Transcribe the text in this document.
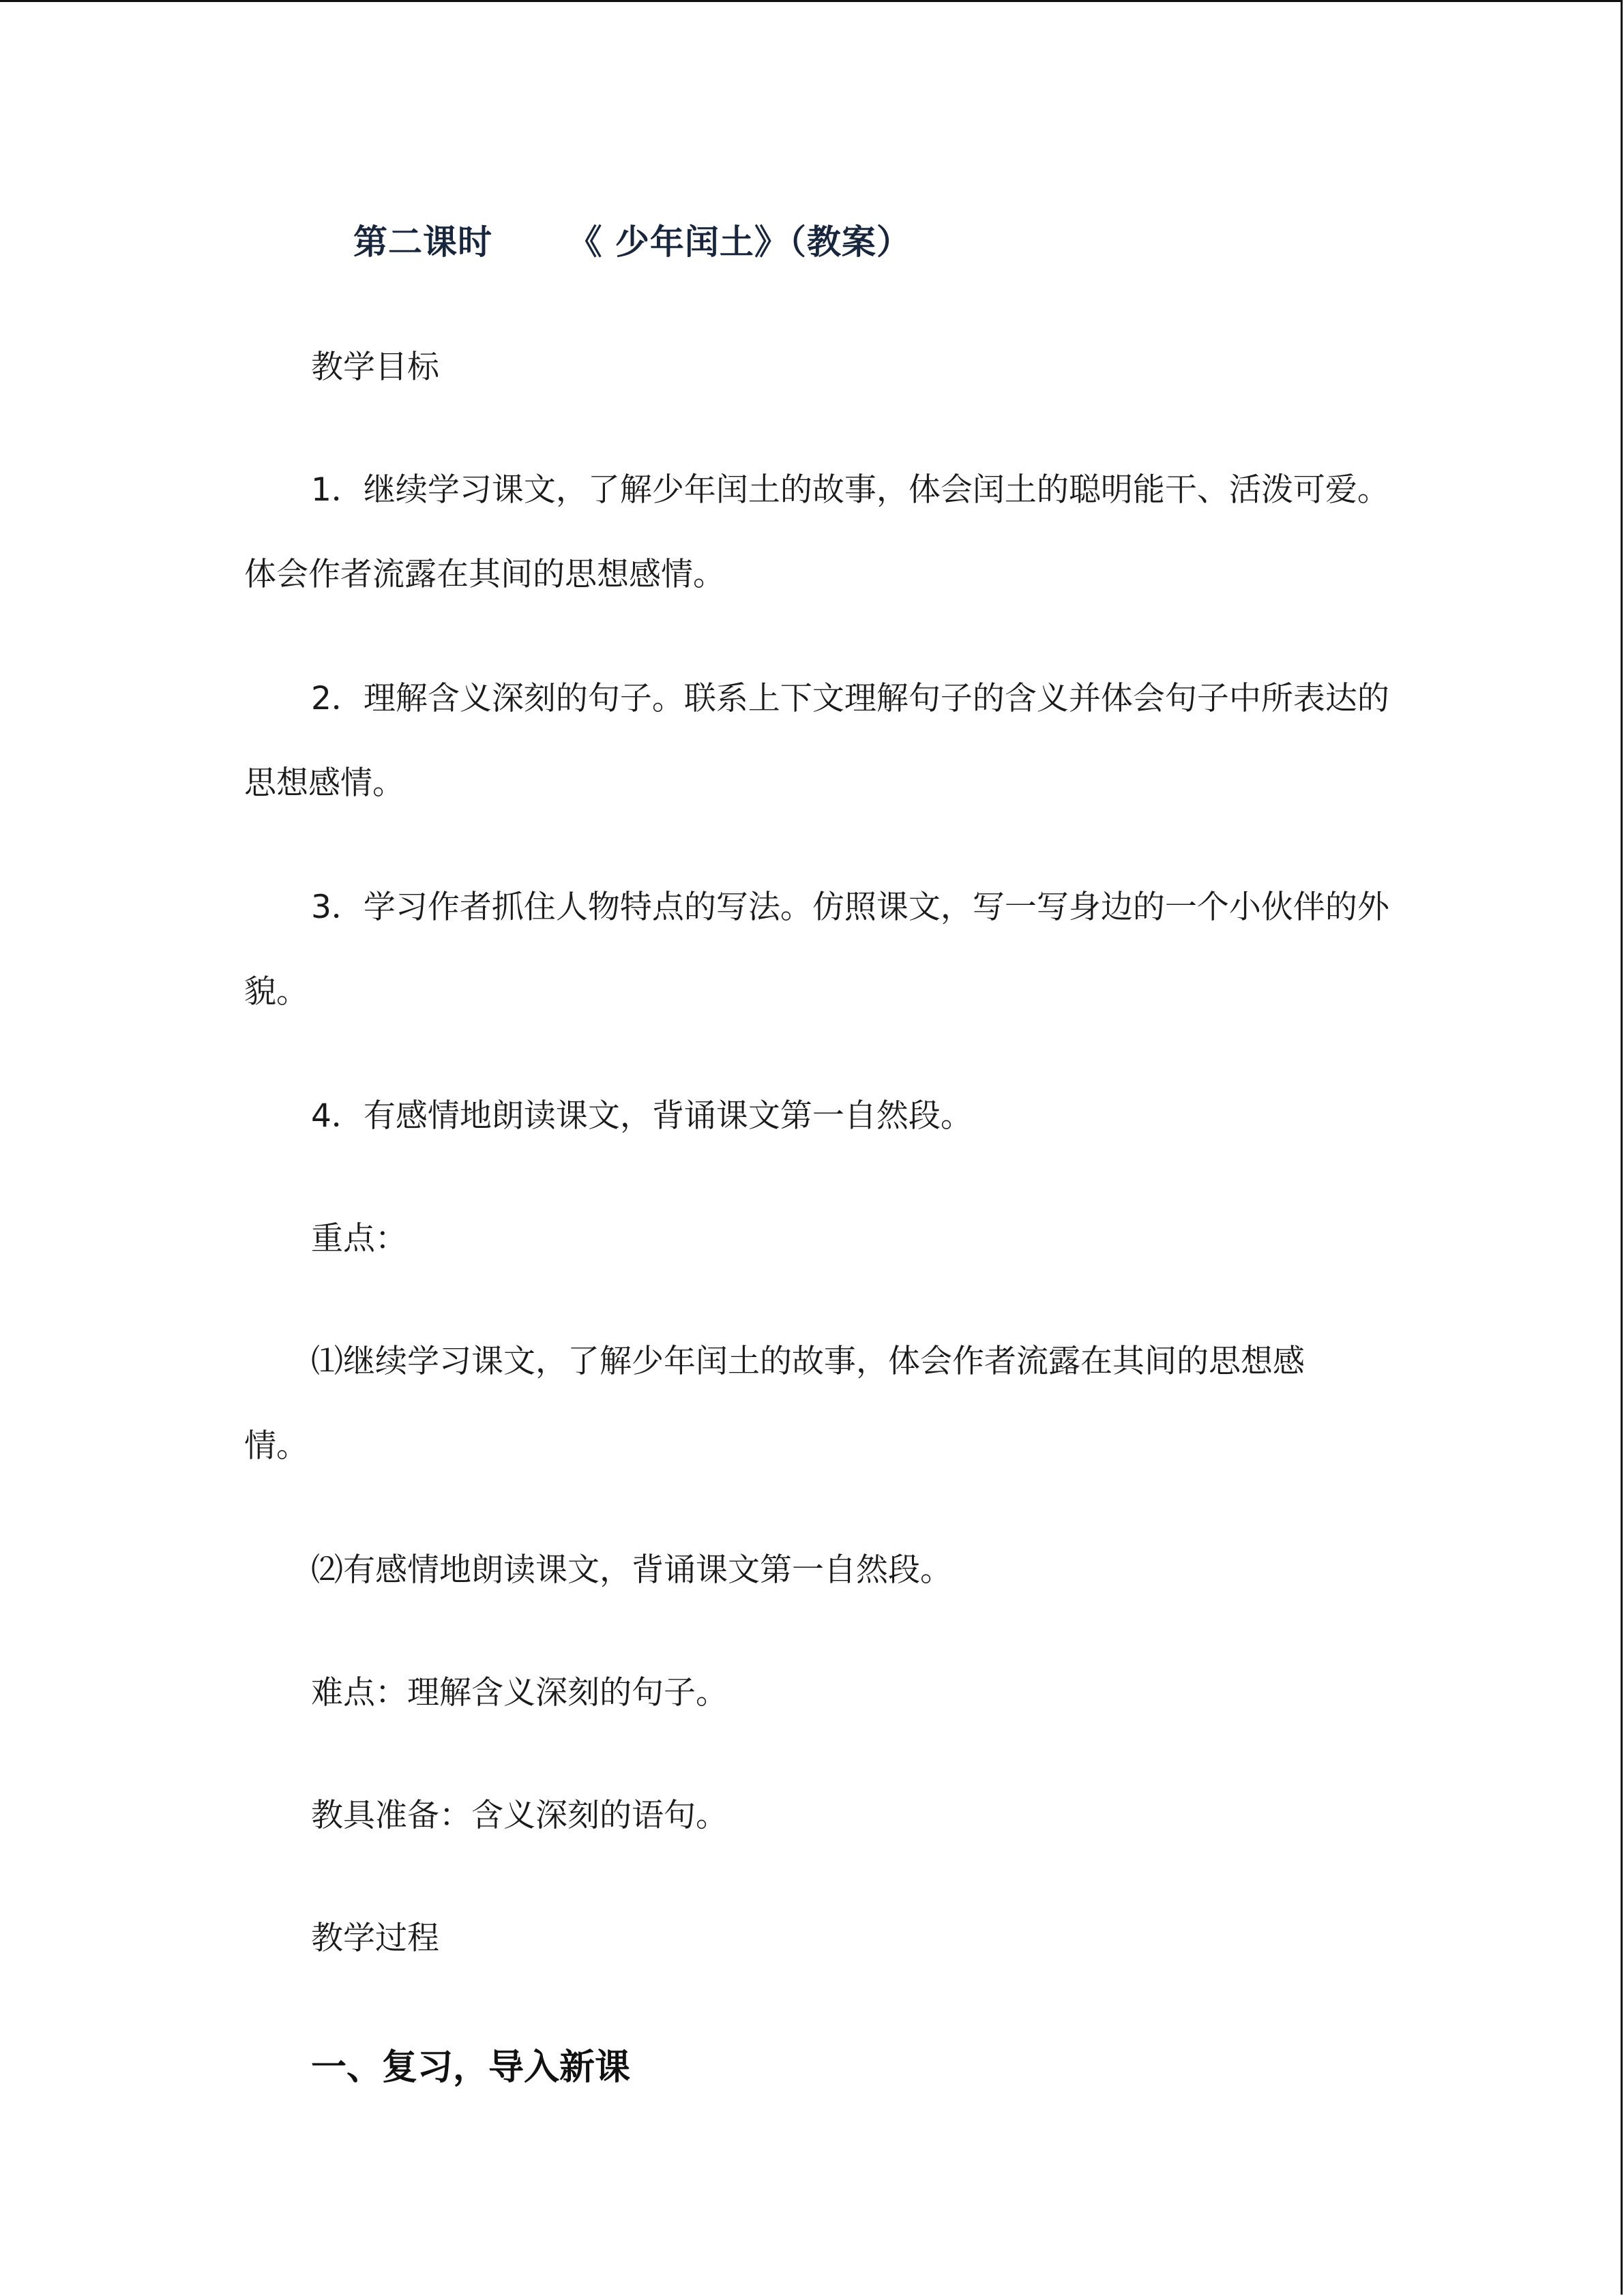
第二课时      《 少年闰土》（教案）

教学目标

1．继续学习课文，了解少年闰土的故事，体会闰土的聪明能干、活泼可爱。体会作者流露在其间的思想感情。

2．理解含义深刻的句子。联系上下文理解句子的含义并体会句子中所表达的思想感情。

3．学习作者抓住人物特点的写法。仿照课文，写一写身边的一个小伙伴的外貌。

4．有感情地朗读课文，背诵课文第一自然段。

重点：

⑴继续学习课文，了解少年闰土的故事，体会作者流露在其间的思想感情。

⑵有感情地朗读课文，背诵课文第一自然段。

难点：理解含义深刻的句子。

教具准备：含义深刻的语句。

教学过程

一、复习，导入新课
